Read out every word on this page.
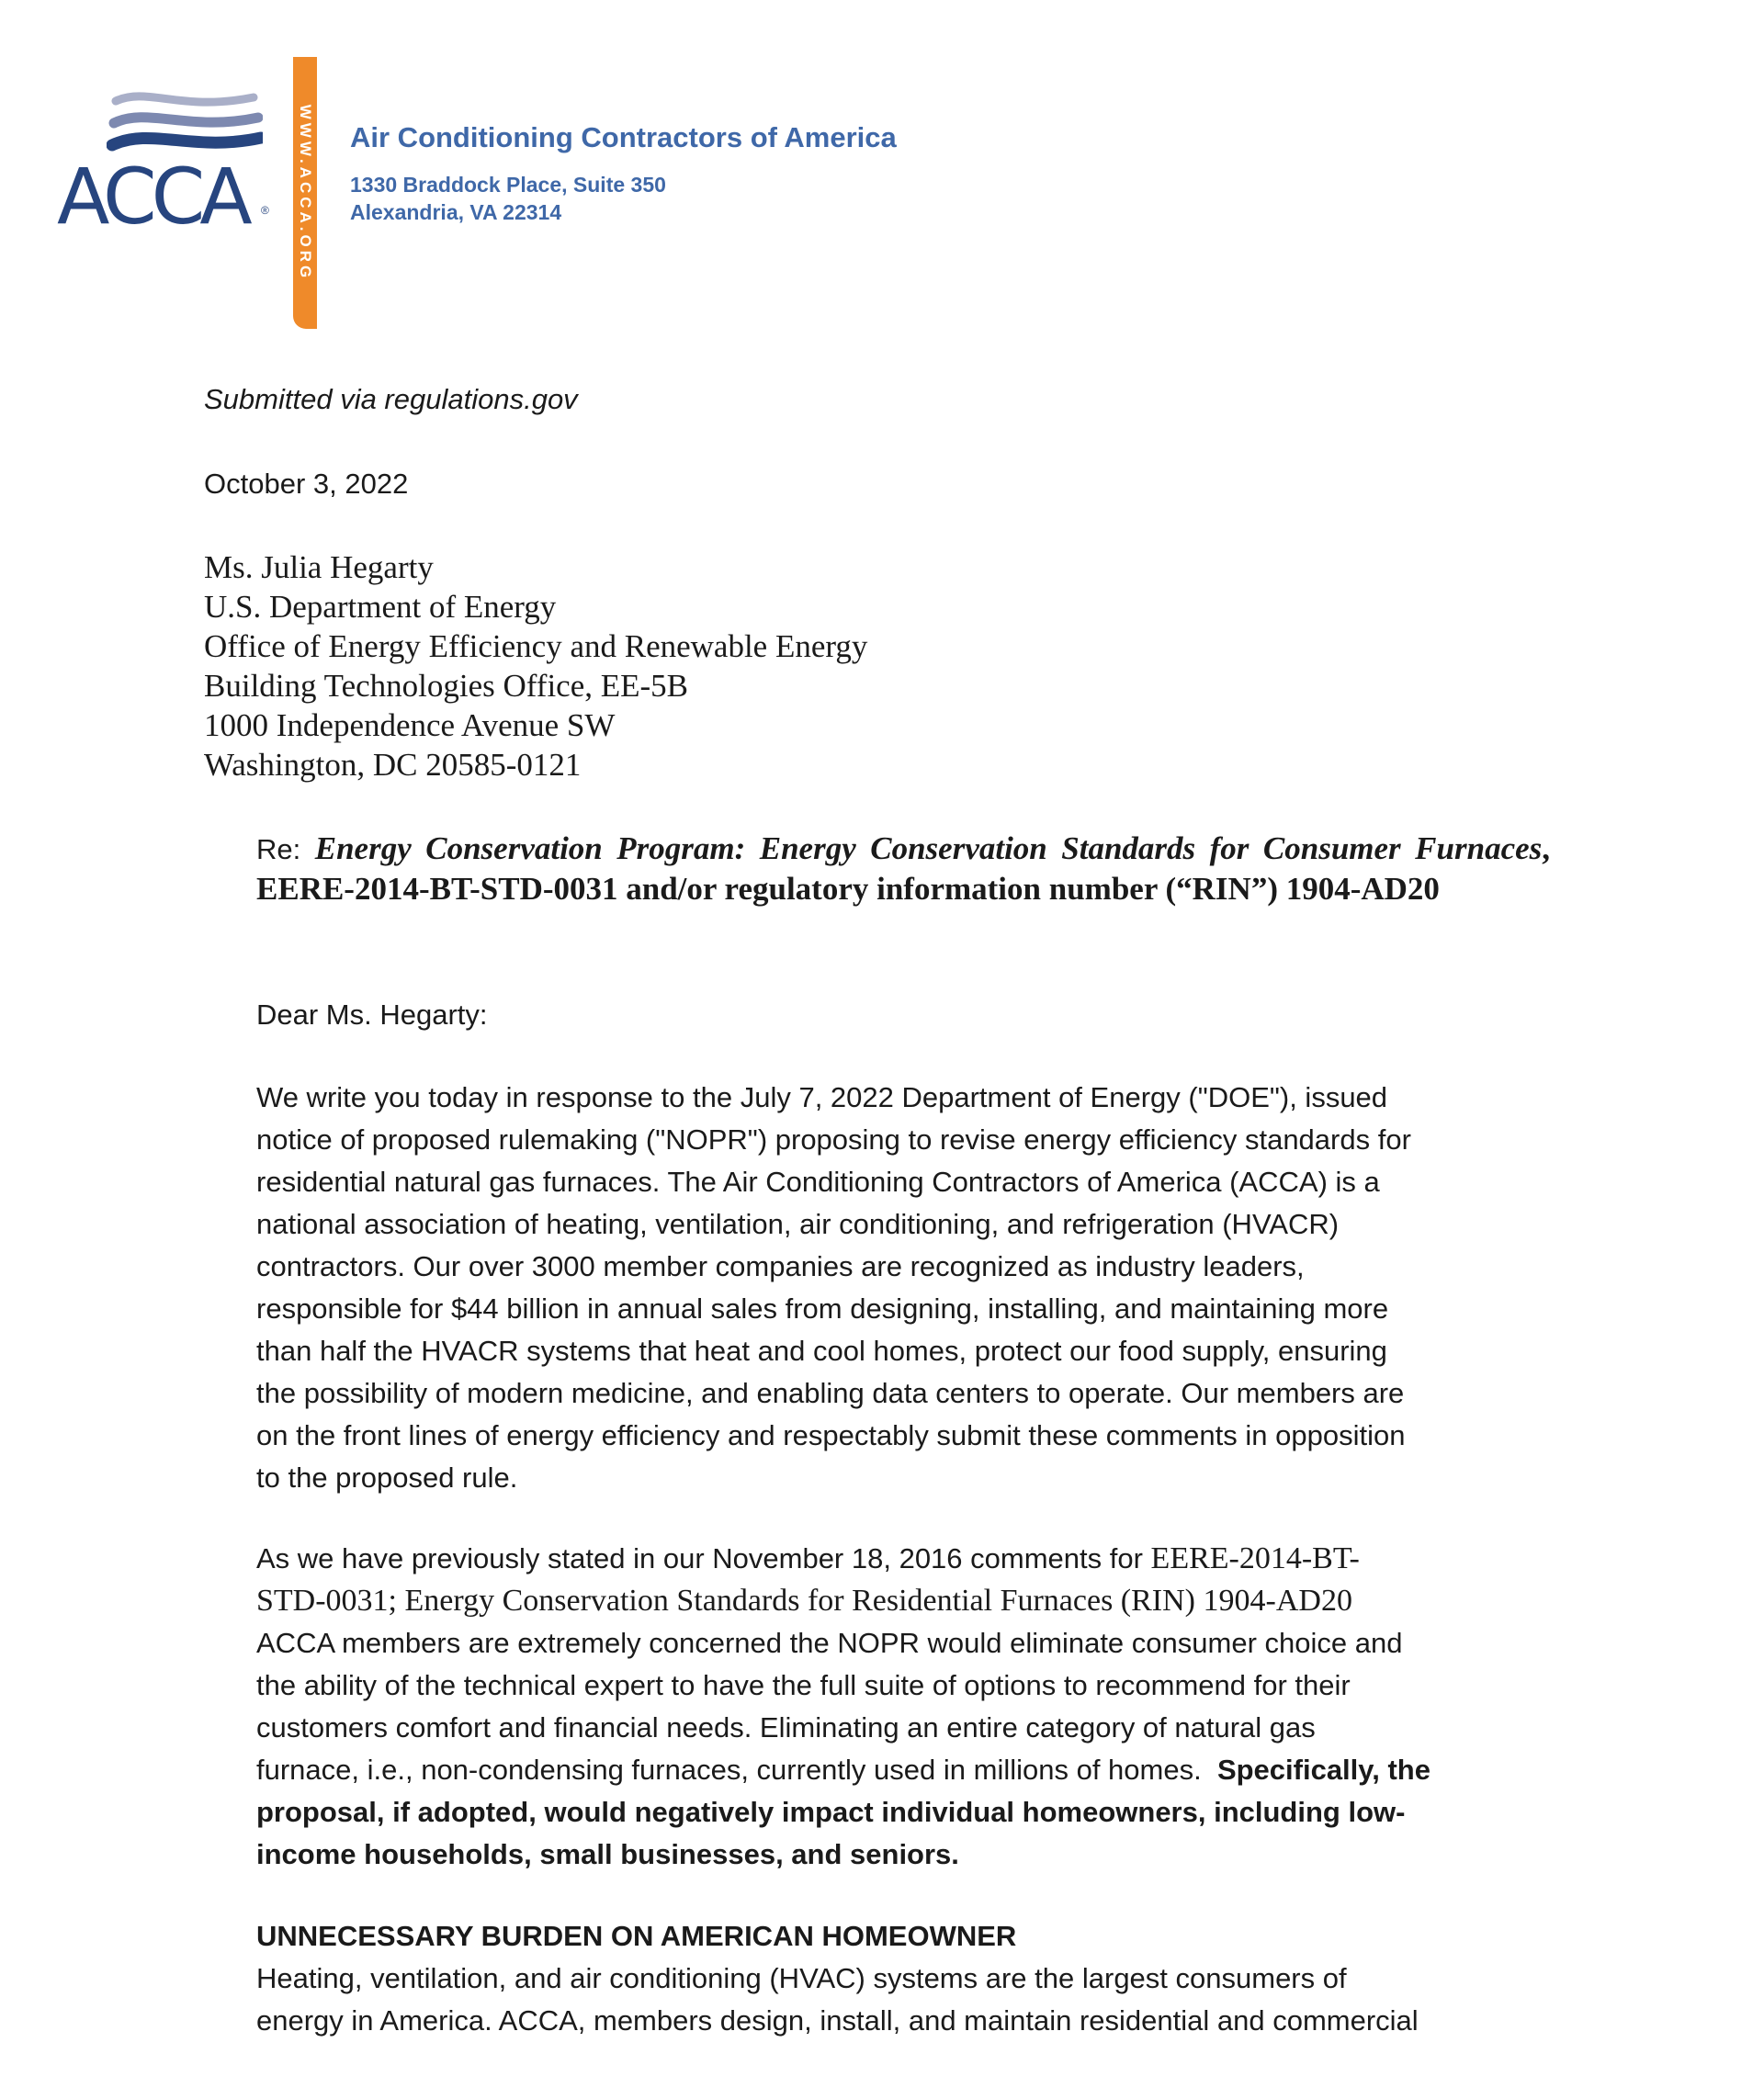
ACCA ® WWW.ACCA.ORG Air Conditioning Contractors of America
1330 Braddock Place, Suite 350
Alexandria, VA 22314
Submitted via regulations.gov
October 3, 2022
Ms. Julia Hegarty
U.S. Department of Energy
Office of Energy Efficiency and Renewable Energy
Building Technologies Office, EE-5B
1000 Independence Avenue SW
Washington, DC 20585-0121
Re: Energy Conservation Program: Energy Conservation Standards for Consumer Furnaces, EERE-2014-BT-STD-0031 and/or regulatory information number (“RIN”) 1904-AD20
Dear Ms. Hegarty:
We write you today in response to the July 7, 2022 Department of Energy ("DOE"), issued
notice of proposed rulemaking ("NOPR") proposing to revise energy efficiency standards for
residential natural gas furnaces. The Air Conditioning Contractors of America (ACCA) is a
national association of heating, ventilation, air conditioning, and refrigeration (HVACR)
contractors. Our over 3000 member companies are recognized as industry leaders,
responsible for $44 billion in annual sales from designing, installing, and maintaining more
than half the HVACR systems that heat and cool homes, protect our food supply, ensuring
the possibility of modern medicine, and enabling data centers to operate. Our members are
on the front lines of energy efficiency and respectably submit these comments in opposition
to the proposed rule.
As we have previously stated in our November 18, 2016 comments for EERE-2014-BT-
STD-0031; Energy Conservation Standards for Residential Furnaces (RIN) 1904-AD20
ACCA members are extremely concerned the NOPR would eliminate consumer choice and
the ability of the technical expert to have the full suite of options to recommend for their
customers comfort and financial needs. Eliminating an entire category of natural gas
furnace, i.e., non-condensing furnaces, currently used in millions of homes.  Specifically, the
proposal, if adopted, would negatively impact individual homeowners, including low-
income households, small businesses, and seniors.
UNNECESSARY BURDEN ON AMERICAN HOMEOWNER
Heating, ventilation, and air conditioning (HVAC) systems are the largest consumers of
energy in America. ACCA, members design, install, and maintain residential and commercial
